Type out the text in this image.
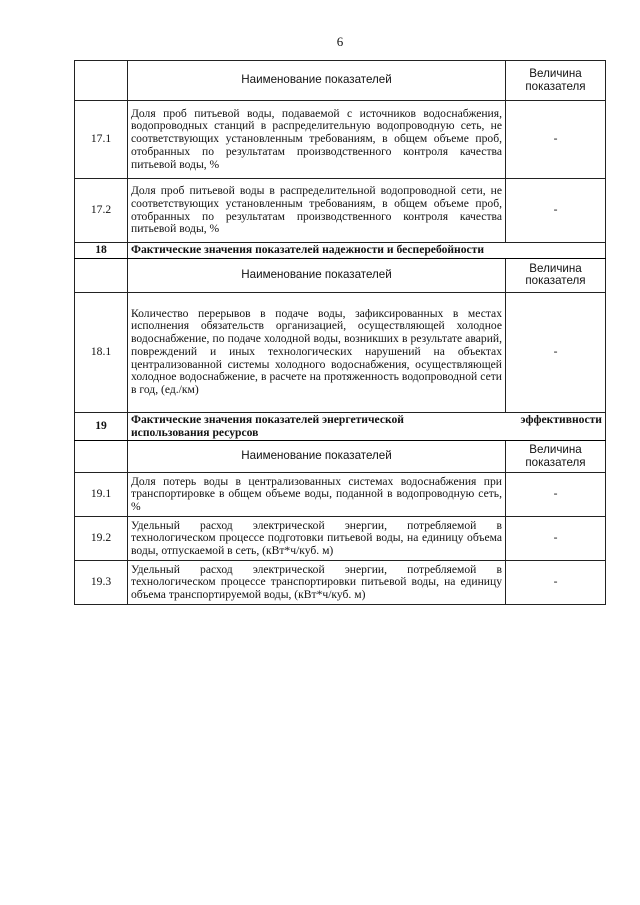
6
	Наименование показателей	Величина показателя
17.1	Доля проб питьевой воды, подаваемой с источников водоснабжения, водопроводных станций в распределительную водопроводную сеть, не соответствующих установленным требованиям, в общем объеме проб, отобранных по результатам производственного контроля качества питьевой воды, %	-
17.2	Доля проб питьевой воды в распределительной водопроводной сети, не соответствующих установленным требованиям, в общем объеме проб, отобранных по результатам производственного контроля качества питьевой воды, %	-
18	Фактические значения показателей надежности и бесперебойности	
	Наименование показателей	Величина показателя
18.1	Количество перерывов в подаче воды, зафиксированных в местах исполнения обязательств организацией, осуществляющей холодное водоснабжение, по подаче холодной воды, возникших в результате аварий, повреждений и иных технологических нарушений на объектах централизованной системы холодного водоснабжения, осуществляющей холодное водоснабжение, в расчете на протяженность водопроводной сети в год, (ед./км)	-
19	Фактические значения показателей энергетической эффективности
использования ресурсов	

	Наименование показателей	Величина показателя
19.1	Доля потерь воды в централизованных системах водоснабжения при транспортировке в общем объеме воды, поданной в водопроводную сеть, %	-
19.2	Удельный расход электрической энергии, потребляемой в технологическом процессе подготовки питьевой воды, на единицу объема воды, отпускаемой в сеть, (кВт*ч/куб. м)	-
19.3	Удельный расход электрической энергии, потребляемой в технологическом процессе транспортировки питьевой воды, на единицу объема транспортируемой воды, (кВт*ч/куб. м)	-
